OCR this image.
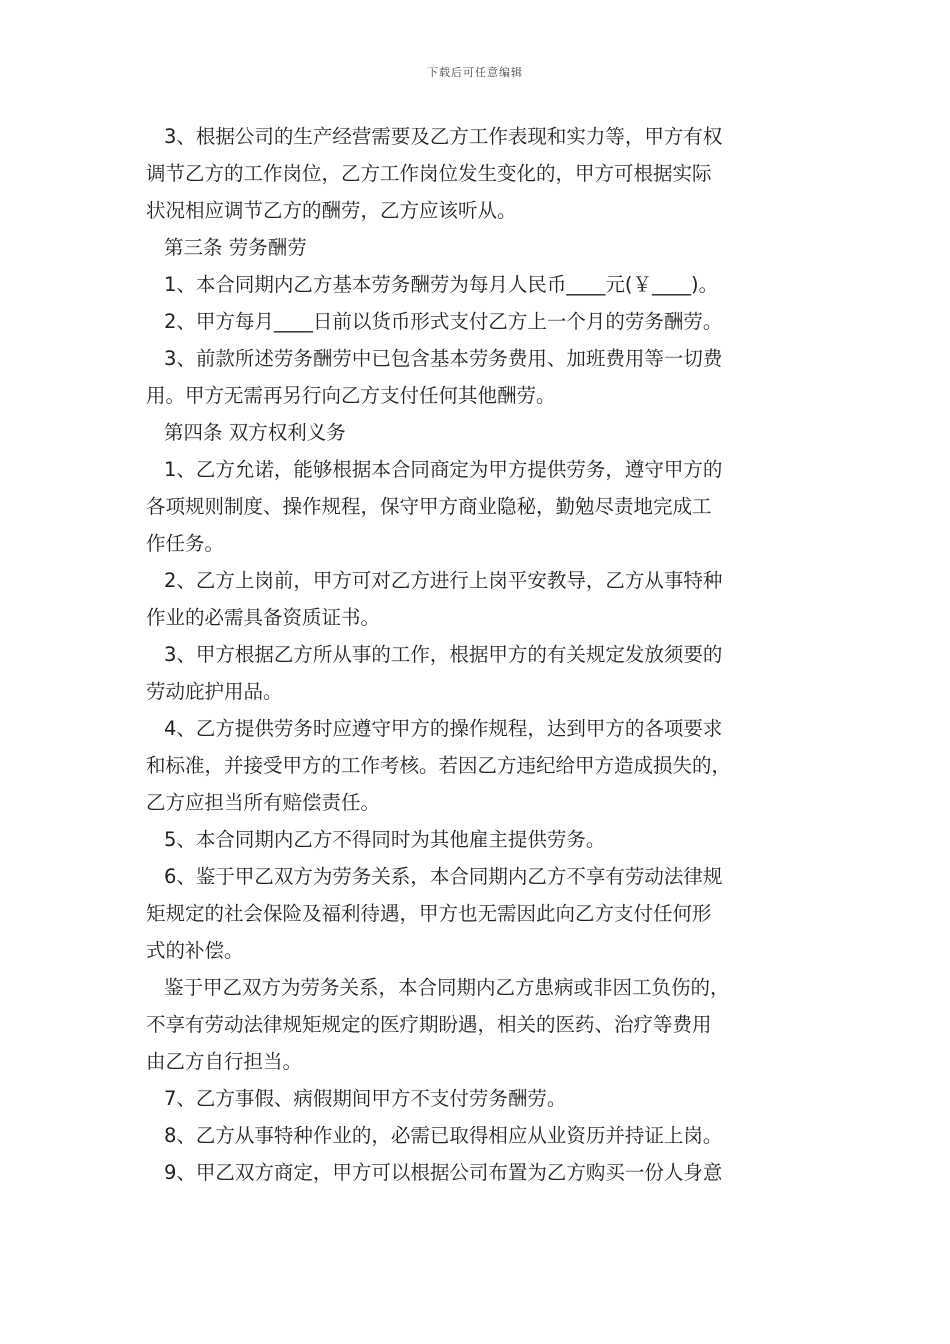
下载后可任意编辑
3、根据公司的生产经营需要及乙方工作表现和实力等，甲方有权
调节乙方的工作岗位，乙方工作岗位发生变化的，甲方可根据实际
状况相应调节乙方的酬劳，乙方应该听从。
第三条 劳务酬劳
1、本合同期内乙方基本劳务酬劳为每月人民币____元(￥____)。
2、甲方每月____日前以货币形式支付乙方上一个月的劳务酬劳。
3、前款所述劳务酬劳中已包含基本劳务费用、加班费用等一切费
用。甲方无需再另行向乙方支付任何其他酬劳。
第四条 双方权利义务
1、乙方允诺，能够根据本合同商定为甲方提供劳务，遵守甲方的
各项规则制度、操作规程，保守甲方商业隐秘，勤勉尽责地完成工
作任务。
2、乙方上岗前，甲方可对乙方进行上岗平安教导，乙方从事特种
作业的必需具备资质证书。
3、甲方根据乙方所从事的工作，根据甲方的有关规定发放须要的
劳动庇护用品。
4、乙方提供劳务时应遵守甲方的操作规程，达到甲方的各项要求
和标准，并接受甲方的工作考核。若因乙方违纪给甲方造成损失的，
乙方应担当所有赔偿责任。
5、本合同期内乙方不得同时为其他雇主提供劳务。
6、鉴于甲乙双方为劳务关系，本合同期内乙方不享有劳动法律规
矩规定的社会保险及福利待遇，甲方也无需因此向乙方支付任何形
式的补偿。
鉴于甲乙双方为劳务关系，本合同期内乙方患病或非因工负伤的，
不享有劳动法律规矩规定的医疗期盼遇，相关的医药、治疗等费用
由乙方自行担当。
7、乙方事假、病假期间甲方不支付劳务酬劳。
8、乙方从事特种作业的，必需已取得相应从业资历并持证上岗。
9、甲乙双方商定，甲方可以根据公司布置为乙方购买一份人身意
